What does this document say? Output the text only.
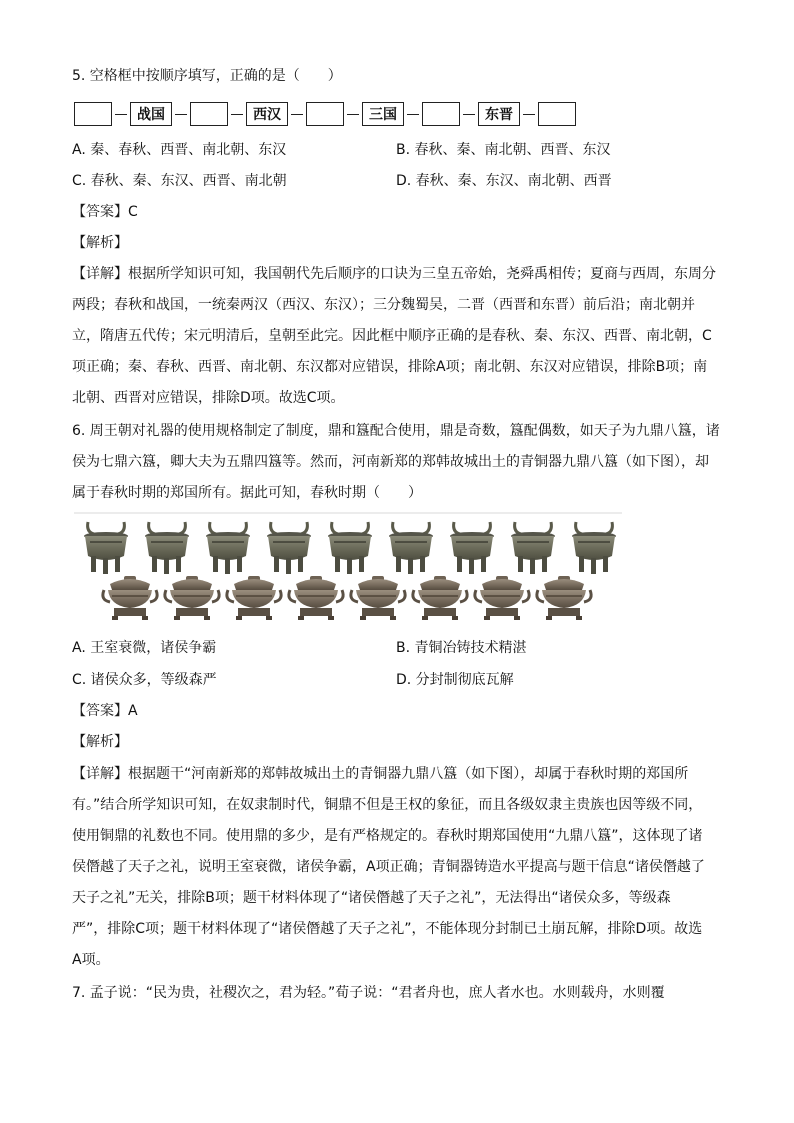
5. 空格框中按顺序填写，正确的是（　　）
战国	西汉	三国	东晋
A. 秦、春秋、西晋、南北朝、东汉	B. 春秋、秦、南北朝、西晋、东汉
C. 春秋、秦、东汉、西晋、南北朝	D. 春秋、秦、东汉、南北朝、西晋
【答案】C
【解析】
【详解】根据所学知识可知，我国朝代先后顺序的口诀为三皇五帝始，尧舜禹相传；夏商与西周，东周分
两段；春秋和战国，一统秦两汉（西汉、东汉）；三分魏蜀吴，二晋（西晋和东晋）前后沿；南北朝并
立，隋唐五代传；宋元明清后，皇朝至此完。因此框中顺序正确的是春秋、秦、东汉、西晋、南北朝，C
项正确；秦、春秋、西晋、南北朝、东汉都对应错误，排除A项；南北朝、东汉对应错误，排除B项；南
北朝、西晋对应错误，排除D项。故选C项。
6. 周王朝对礼器的使用规格制定了制度，鼎和簋配合使用，鼎是奇数，簋配偶数，如天子为九鼎八簋，诸
侯为七鼎六簋，卿大夫为五鼎四簋等。然而，河南新郑的郑韩故城出土的青铜器九鼎八簋（如下图），却
属于春秋时期的郑国所有。据此可知，春秋时期（　　）
A. 王室衰微，诸侯争霸	B. 青铜冶铸技术精湛
C. 诸侯众多，等级森严	D. 分封制彻底瓦解
【答案】A
【解析】
【详解】根据题干“河南新郑的郑韩故城出土的青铜器九鼎八簋（如下图），却属于春秋时期的郑国所
有。”结合所学知识可知，在奴隶制时代，铜鼎不但是王权的象征，而且各级奴隶主贵族也因等级不同，
使用铜鼎的礼数也不同。使用鼎的多少，是有严格规定的。春秋时期郑国使用“九鼎八簋”，这体现了诸
侯僭越了天子之礼，说明王室衰微，诸侯争霸，A项正确；青铜器铸造水平提高与题干信息“诸侯僭越了
天子之礼”无关，排除B项；题干材料体现了“诸侯僭越了天子之礼”，无法得出“诸侯众多，等级森
严”，排除C项；题干材料体现了“诸侯僭越了天子之礼”，不能体现分封制已土崩瓦解，排除D项。故选
A项。
7. 孟子说：“民为贵，社稷次之，君为轻。”荀子说：“君者舟也，庶人者水也。水则载舟，水则覆
